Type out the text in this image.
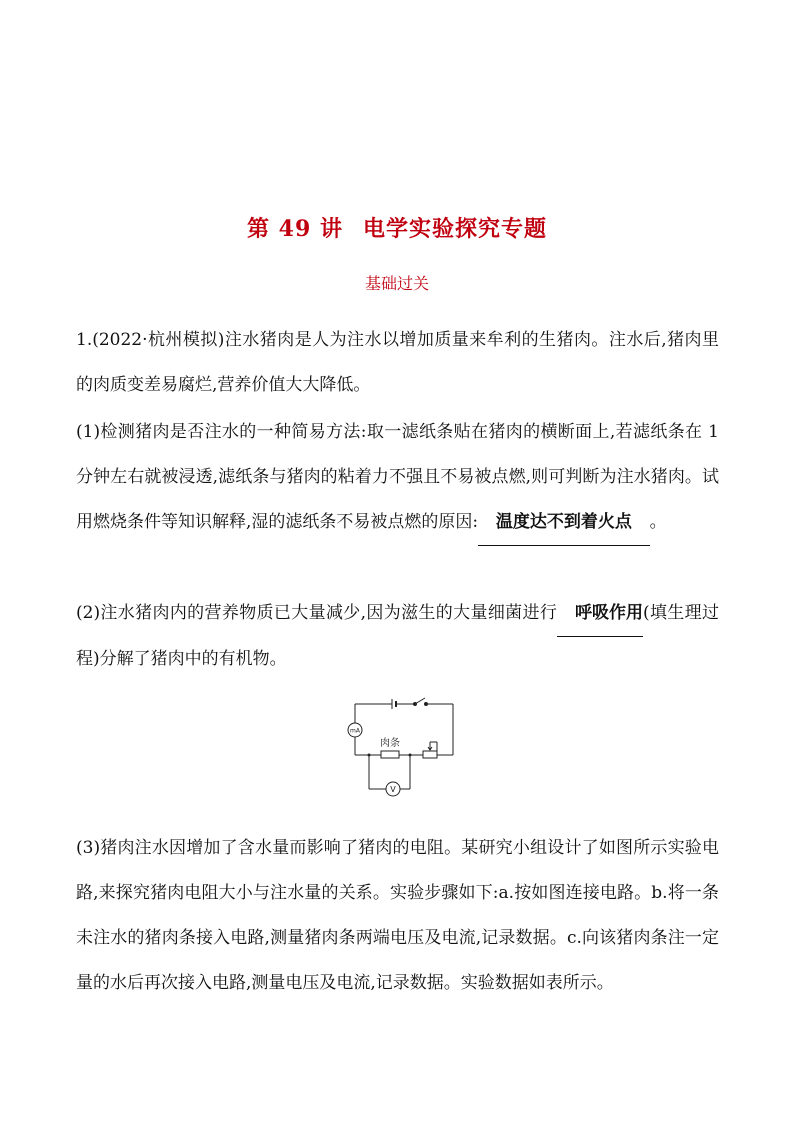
第 49 讲 电学实验探究专题
基础过关
1.(2022·杭州模拟)注水猪肉是人为注水以增加质量来牟利的生猪肉。注水后,猪肉里的肉质变差易腐烂,营养价值大大降低。
(1)检测猪肉是否注水的一种简易方法:取一滤纸条贴在猪肉的横断面上,若滤纸条在 1 分钟左右就被浸透,滤纸条与猪肉的粘着力不强且不易被点燃,则可判断为注水猪肉。试用燃烧条件等知识解释,湿的滤纸条不易被点燃的原因: 温度达不到着火点 。
(2)注水猪肉内的营养物质已大量减少,因为滋生的大量细菌进行 呼吸作用(填生理过程)分解了猪肉中的有机物。
mA
V
肉条
(3)猪肉注水因增加了含水量而影响了猪肉的电阻。某研究小组设计了如图所示实验电路,来探究猪肉电阻大小与注水量的关系。实验步骤如下:a.按如图连接电路。b.将一条未注水的猪肉条接入电路,测量猪肉条两端电压及电流,记录数据。c.向该猪肉条注一定量的水后再次接入电路,测量电压及电流,记录数据。实验数据如表所示。
